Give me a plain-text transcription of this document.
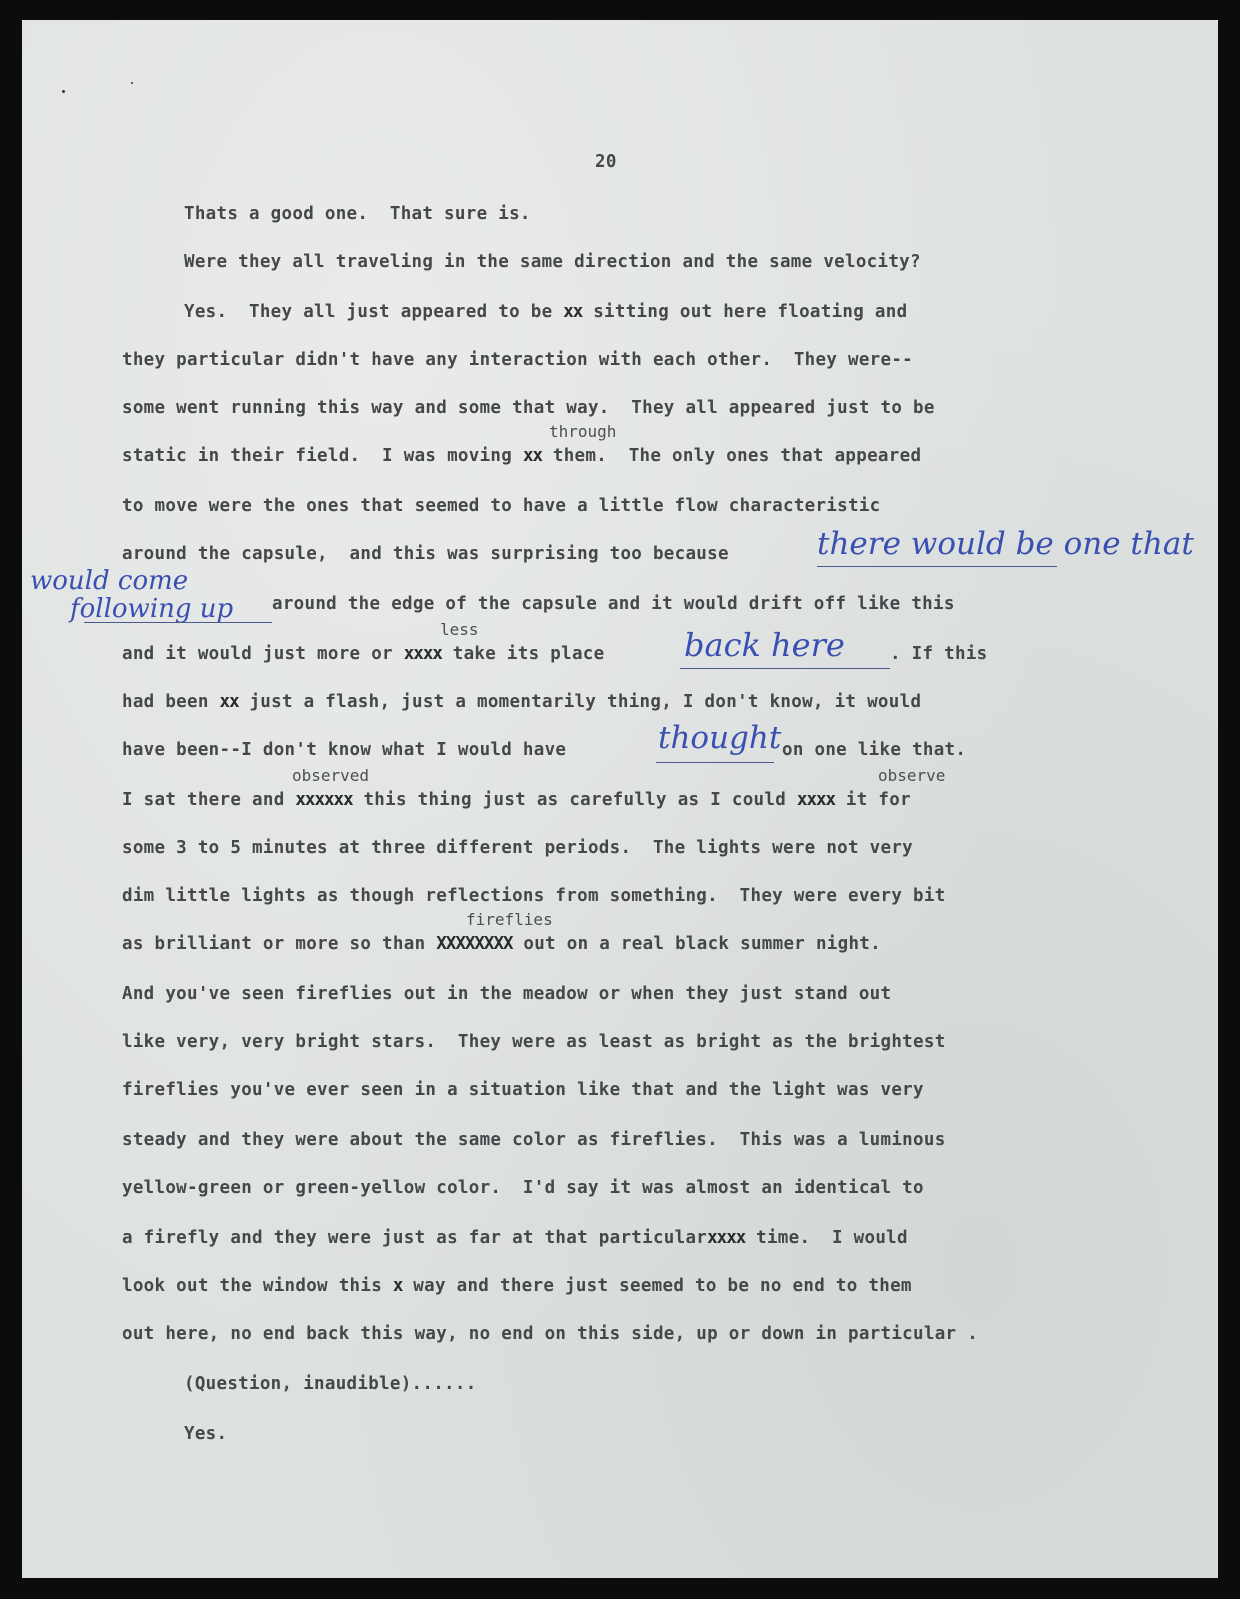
20
Thats a good one.  That sure is.
Were they all traveling in the same direction and the same velocity?
Yes.  They all just appeared to be xx sitting out here floating and
they particular didn't have any interaction with each other.  They were--
some went running this way and some that way.  They all appeared just to be
through
static in their field.  I was moving xx them.  The only ones that appeared
to move were the ones that seemed to have a little flow characteristic
around the capsule,  and this was surprising too because	there would be one that
would come
following up around the edge of the capsule and it would drift off like this
less
and it would just more or xxxx take its place back here	. If this
had been xx just a flash, just a momentarily thing, I don't know, it would
have been--I don't know what I would have	thought on one like that.
observed	observe
I sat there and xxxxxx this thing just as carefully as I could xxxx it for
some 3 to 5 minutes at three different periods.  The lights were not very
dim little lights as though reflections from something.  They were every bit
fireflies
as brilliant or more so than XXXXXXXX out on a real black summer night.
And you've seen fireflies out in the meadow or when they just stand out
like very, very bright stars.  They were as least as bright as the brightest
fireflies you've ever seen in a situation like that and the light was very
steady and they were about the same color as fireflies.  This was a luminous
yellow-green or green-yellow color.  I'd say it was almost an identical to
a firefly and they were just as far at that particularxxxx time.  I would
look out the window this x way and there just seemed to be no end to them
out here, no end back this way, no end on this side, up or down in particular .
(Question, inaudible)......
Yes.
